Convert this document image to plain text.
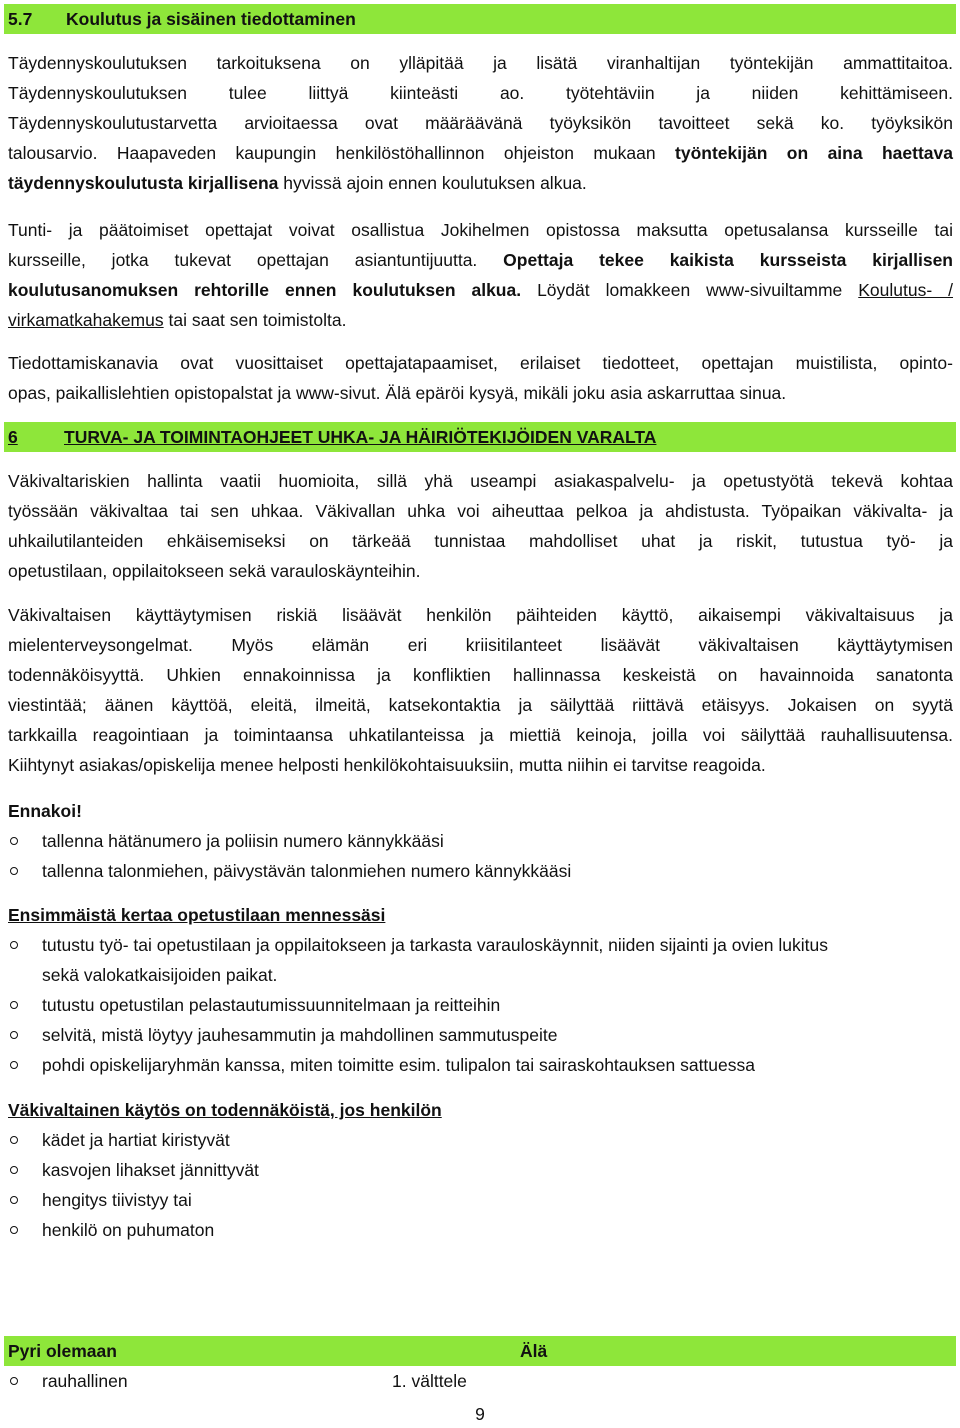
5.7 Koulutus ja sisäinen tiedottaminen
Täydennyskoulutuksen tarkoituksena on ylläpitää ja lisätä viranhaltijan työntekijän ammattitaitoa.
Täydennyskoulutuksen tulee liittyä kiinteästi ao. työtehtäviin ja niiden kehittämiseen.
Täydennyskoulutustarvetta arvioitaessa ovat määräävänä työyksikön tavoitteet sekä ko. työyksikön
talousarvio. Haapaveden kaupungin henkilöstöhallinnon ohjeiston mukaan työntekijän on aina haettava
täydennyskoulutusta kirjallisena hyvissä ajoin ennen koulutuksen alkua.
Tunti- ja päätoimiset opettajat voivat osallistua Jokihelmen opistossa maksutta opetusalansa kursseille tai
kursseille, jotka tukevat opettajan asiantuntijuutta. Opettaja tekee kaikista kursseista kirjallisen
koulutusanomuksen rehtorille ennen koulutuksen alkua. Löydät lomakkeen www-sivuiltamme Koulutus- /
virkamatkahakemus tai saat sen toimistolta.
Tiedottamiskanavia ovat vuosittaiset opettajatapaamiset, erilaiset tiedotteet, opettajan muistilista, opinto-
opas, paikallislehtien opistopalstat ja www-sivut. Älä epäröi kysyä, mikäli joku asia askarruttaa sinua.
6	TURVA- JA TOIMINTAOHJEET UHKA- JA HÄIRIÖTEKIJÖIDEN VARALTA
Väkivaltariskien hallinta vaatii huomioita, sillä yhä useampi asiakaspalvelu- ja opetustyötä tekevä kohtaa
työssään väkivaltaa tai sen uhkaa. Väkivallan uhka voi aiheuttaa pelkoa ja ahdistusta. Työpaikan väkivalta- ja
uhkailutilanteiden ehkäisemiseksi on tärkeää tunnistaa mahdolliset uhat ja riskit, tutustua työ- ja
opetustilaan, oppilaitokseen sekä varauloskäynteihin.
Väkivaltaisen käyttäytymisen riskiä lisäävät henkilön päihteiden käyttö, aikaisempi väkivaltaisuus ja
mielenterveysongelmat. Myös elämän eri kriisitilanteet lisäävät väkivaltaisen käyttäytymisen
todennäköisyyttä. Uhkien ennakoinnissa ja konfliktien hallinnassa keskeistä on havainnoida sanatonta
viestintää; äänen käyttöä, eleitä, ilmeitä, katsekontaktia ja säilyttää riittävä etäisyys. Jokaisen on syytä
tarkkailla reagointiaan ja toimintaansa uhkatilanteissa ja miettiä keinoja, joilla voi säilyttää rauhallisuutensa.
Kiihtynyt asiakas/opiskelija menee helposti henkilökohtaisuuksiin, mutta niihin ei tarvitse reagoida.
Ennakoi!
tallenna hätänumero ja poliisin numero kännykkääsi
tallenna talonmiehen, päivystävän talonmiehen numero kännykkääsi
Ensimmäistä kertaa opetustilaan mennessäsi
tutustu työ- tai opetustilaan ja oppilaitokseen ja tarkasta varauloskäynnit, niiden sijainti ja ovien lukitus
sekä valokatkaisijoiden paikat.
tutustu opetustilan pelastautumissuunnitelmaan ja reitteihin
selvitä, mistä löytyy jauhesammutin ja mahdollinen sammutuspeite
pohdi opiskelijaryhmän kanssa, miten toimitte esim. tulipalon tai sairaskohtauksen sattuessa
Väkivaltainen käytös on todennäköistä, jos henkilön
kädet ja hartiat kiristyvät
kasvojen lihakset jännittyvät
hengitys tiivistyy tai
henkilö on puhumaton
Pyri olemaan	Älä
rauhallinen	1. välttele
9
